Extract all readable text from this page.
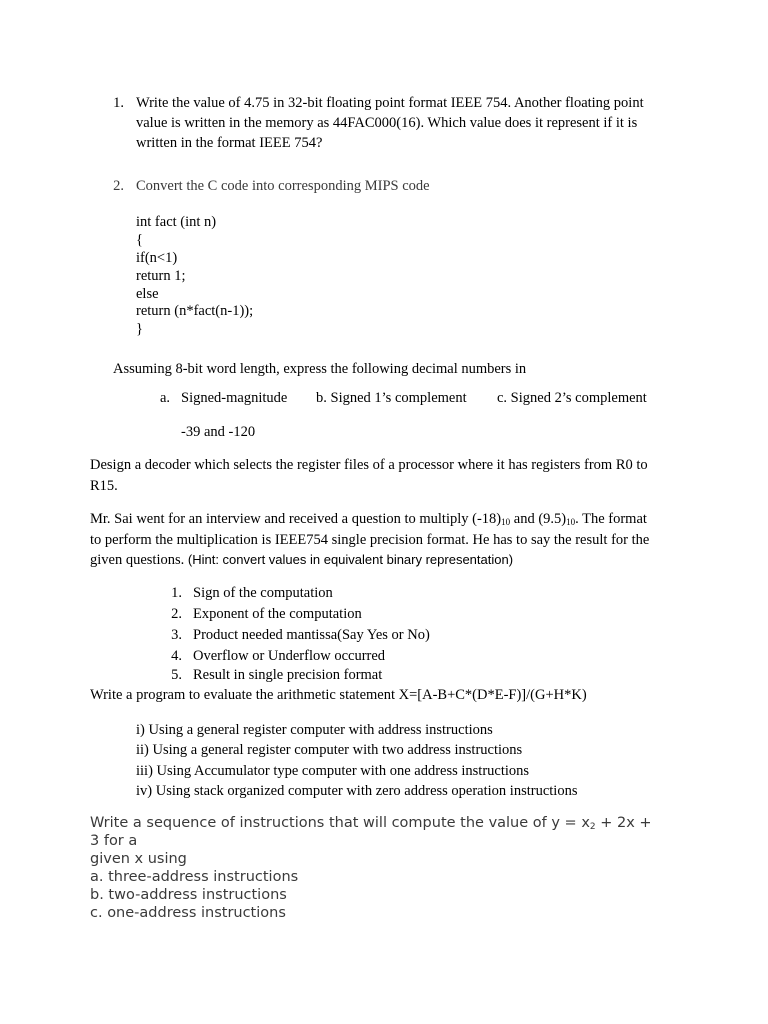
1. Write the value of 4.75 in 32-bit floating point format IEEE 754. Another floating point
value is written in the memory as 44FAC000(16). Which value does it represent if it is
written in the format IEEE 754?
2. Convert the C code into corresponding MIPS code
int fact (int n)
{
if(n<1)
return 1;
else
return (n*fact(n-1));
}
Assuming 8-bit word length, express the following decimal numbers in
a. Signed-magnitude b. Signed 1’s complement c. Signed 2’s complement
-39 and -120
Design a decoder which selects the register files of a processor where it has registers from R0 to
R15.
Mr. Sai went for an interview and received a question to multiply $(-18)_{10}$ and $(9.5)_{10}$. The format
to perform the multiplication is IEEE754 single precision format. He has to say the result for the
given questions. (Hint: convert values in equivalent binary representation)
1. Sign of the computation
2. Exponent of the computation
3. Product needed mantissa(Say Yes or No)
4. Overflow or Underflow occurred
5. Result in single precision format
Write a program to evaluate the arithmetic statement X=[A-B+C*(D*E-F)]/(G+H*K)
i) Using a general register computer with address instructions
ii) Using a general register computer with two address instructions
iii) Using Accumulator type computer with one address instructions
iv) Using stack organized computer with zero address operation instructions
Write a sequence of instructions that will compute the value of $y = x_2 + 2x$ +
3 for a
given x using
a. three-address instructions
b. two-address instructions
c. one-address instructions
